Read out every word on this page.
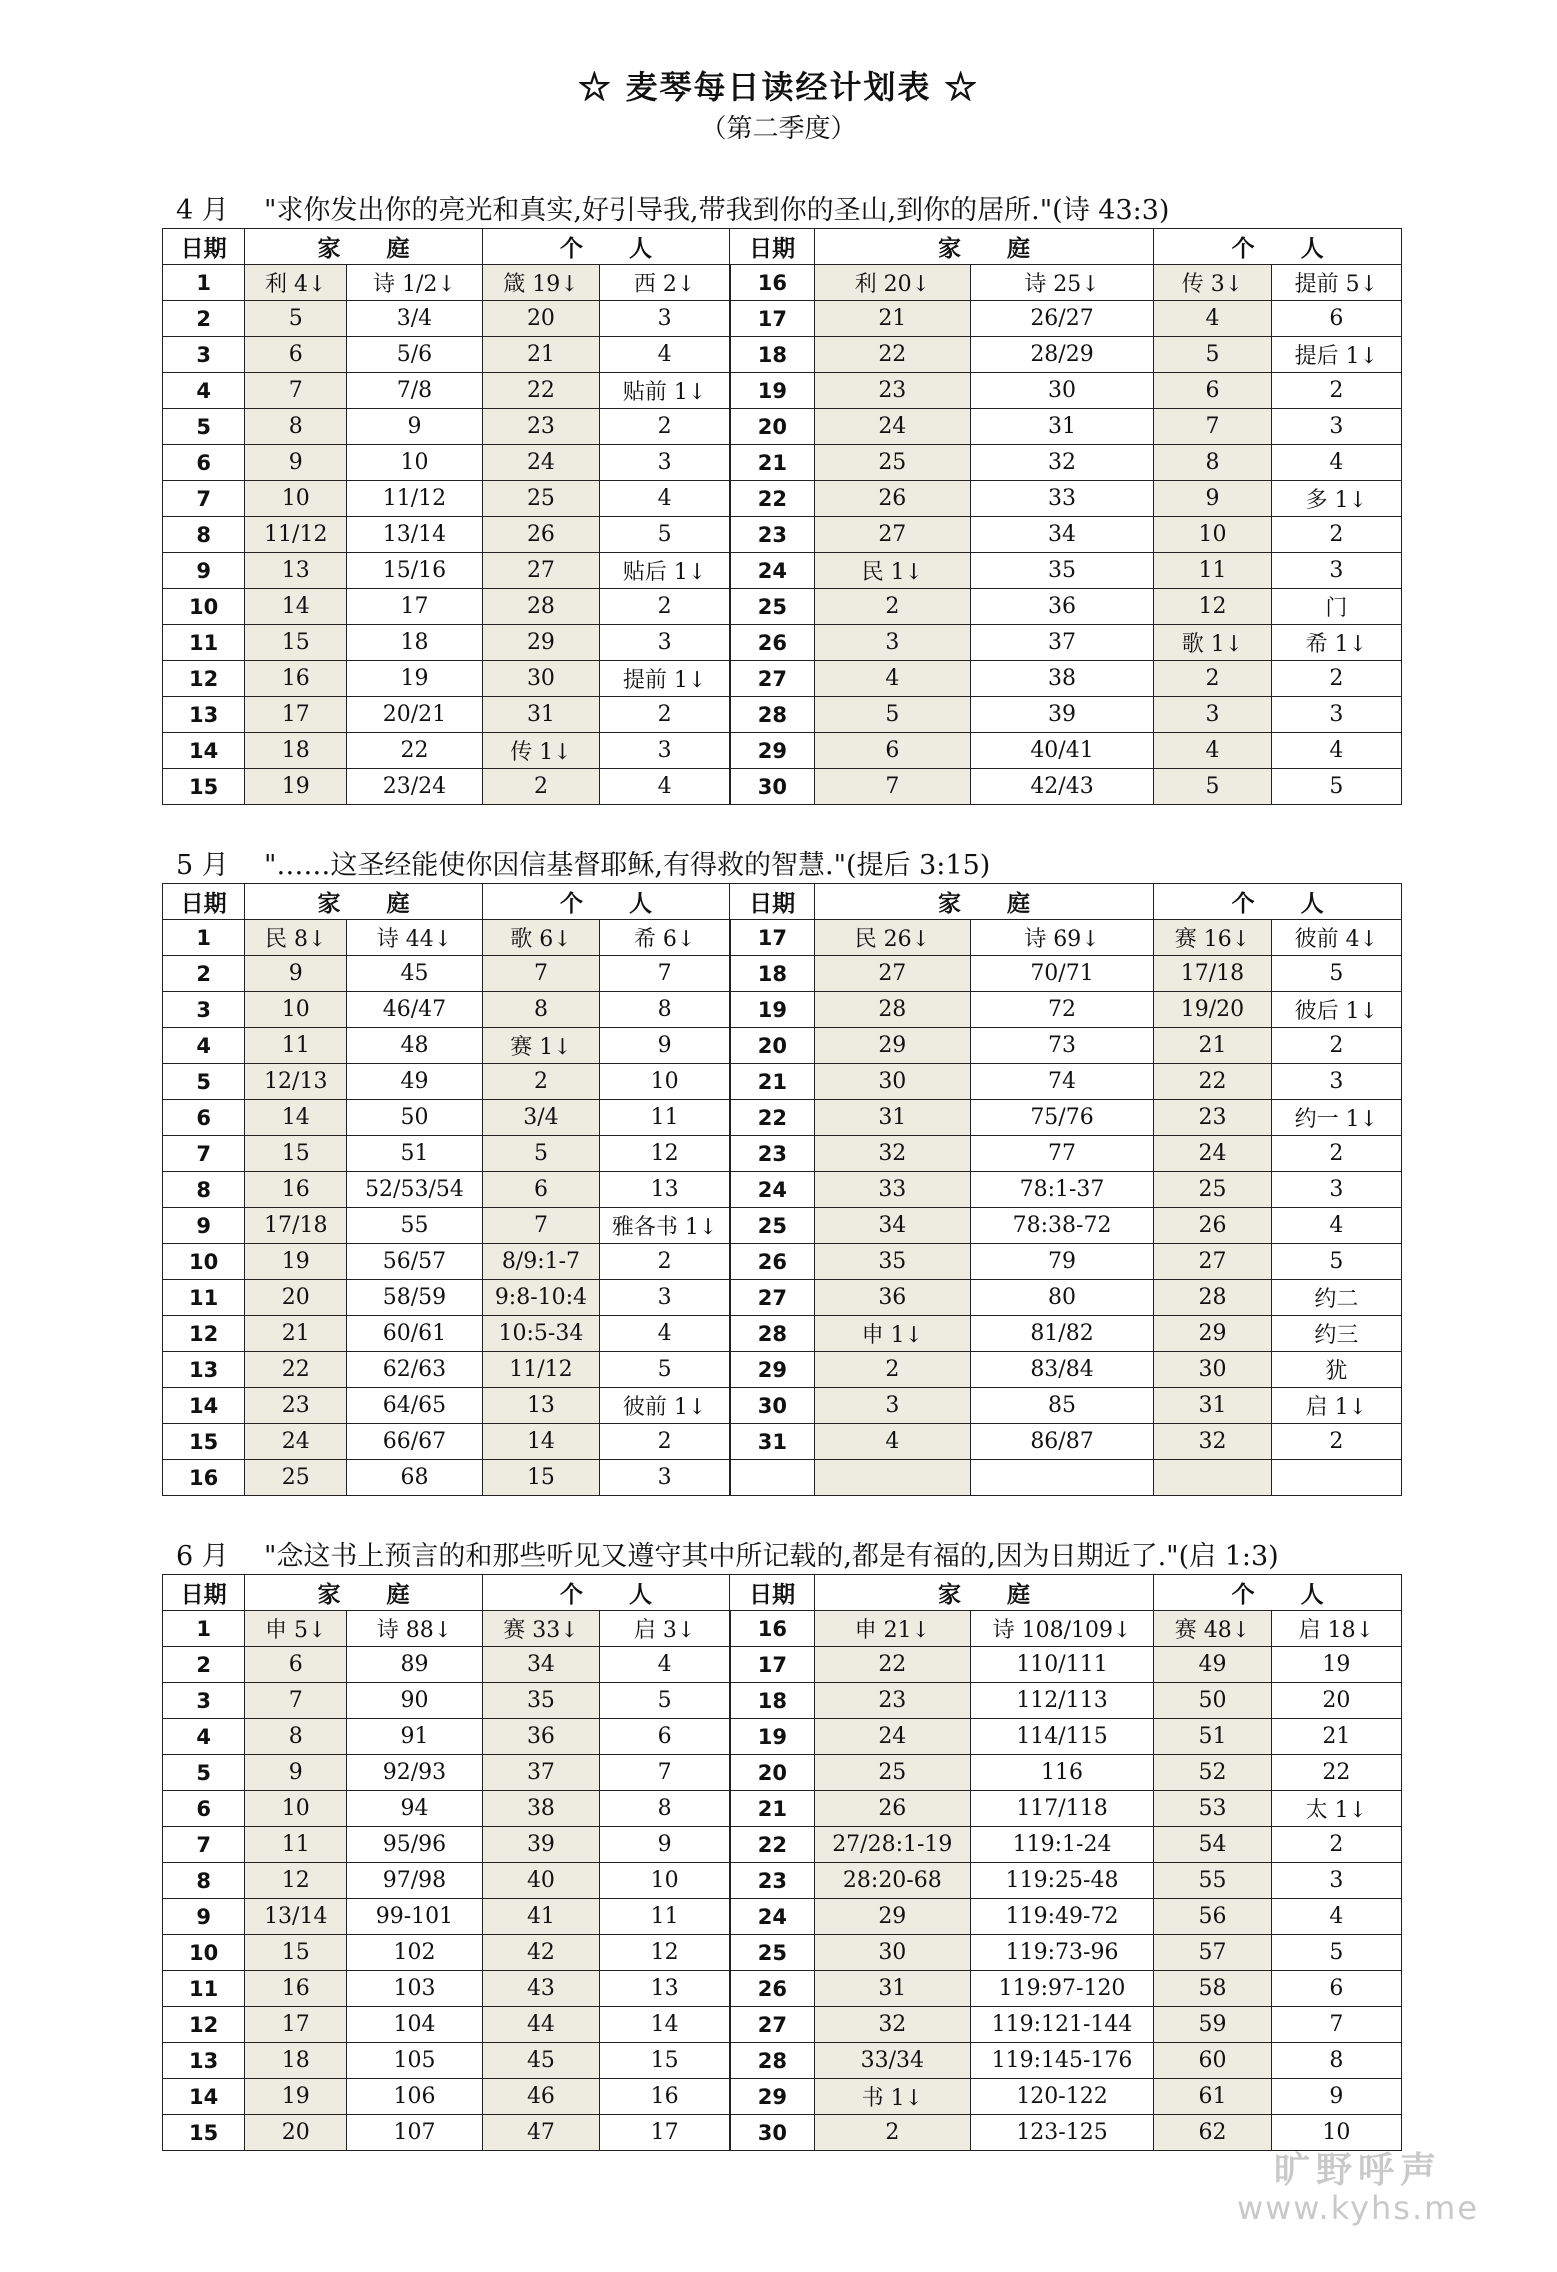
☆ 麦琴每日读经计划表 ☆
（第二季度）
4 月 "求你发出你的亮光和真实,好引导我,带我到你的圣山,到你的居所."(诗 43:3)
日期	家　　庭		个　　人		日期	家　　庭		个　　人	
1	利 4↓	诗 1/2↓	箴 19↓	西 2↓	16	利 20↓	诗 25↓	传 3↓	提前 5↓
2	5	3/4	20	3	17	21	26/27	4	6
3	6	5/6	21	4	18	22	28/29	5	提后 1↓
4	7	7/8	22	贴前 1↓	19	23	30	6	2
5	8	9	23	2	20	24	31	7	3
6	9	10	24	3	21	25	32	8	4
7	10	11/12	25	4	22	26	33	9	多 1↓
8	11/12	13/14	26	5	23	27	34	10	2
9	13	15/16	27	贴后 1↓	24	民 1↓	35	11	3
10	14	17	28	2	25	2	36	12	门
11	15	18	29	3	26	3	37	歌 1↓	希 1↓
12	16	19	30	提前 1↓	27	4	38	2	2
13	17	20/21	31	2	28	5	39	3	3
14	18	22	传 1↓	3	29	6	40/41	4	4
15	19	23/24	2	4	30	7	42/43	5	5
5 月 "……这圣经能使你因信基督耶稣,有得救的智慧."(提后 3:15)
日期	家　　庭		个　　人		日期	家　　庭		个　　人	
1	民 8↓	诗 44↓	歌 6↓	希 6↓	17	民 26↓	诗 69↓	赛 16↓	彼前 4↓
2	9	45	7	7	18	27	70/71	17/18	5
3	10	46/47	8	8	19	28	72	19/20	彼后 1↓
4	11	48	赛 1↓	9	20	29	73	21	2
5	12/13	49	2	10	21	30	74	22	3
6	14	50	3/4	11	22	31	75/76	23	约一 1↓
7	15	51	5	12	23	32	77	24	2
8	16	52/53/54	6	13	24	33	78:1-37	25	3
9	17/18	55	7	雅各书 1↓	25	34	78:38-72	26	4
10	19	56/57	8/9:1-7	2	26	35	79	27	5
11	20	58/59	9:8-10:4	3	27	36	80	28	约二
12	21	60/61	10:5-34	4	28	申 1↓	81/82	29	约三
13	22	62/63	11/12	5	29	2	83/84	30	犹
14	23	64/65	13	彼前 1↓	30	3	85	31	启 1↓
15	24	66/67	14	2	31	4	86/87	32	2
16	25	68	15	3					
6 月 "念这书上预言的和那些听见又遵守其中所记载的,都是有福的,因为日期近了."(启 1:3)
日期	家　　庭		个　　人		日期	家　　庭		个　　人	
1	申 5↓	诗 88↓	赛 33↓	启 3↓	16	申 21↓	诗 108/109↓	赛 48↓	启 18↓
2	6	89	34	4	17	22	110/111	49	19
3	7	90	35	5	18	23	112/113	50	20
4	8	91	36	6	19	24	114/115	51	21
5	9	92/93	37	7	20	25	116	52	22
6	10	94	38	8	21	26	117/118	53	太 1↓
7	11	95/96	39	9	22	27/28:1-19	119:1-24	54	2
8	12	97/98	40	10	23	28:20-68	119:25-48	55	3
9	13/14	99-101	41	11	24	29	119:49-72	56	4
10	15	102	42	12	25	30	119:73-96	57	5
11	16	103	43	13	26	31	119:97-120	58	6
12	17	104	44	14	27	32	119:121-144	59	7
13	18	105	45	15	28	33/34	119:145-176	60	8
14	19	106	46	16	29	书 1↓	120-122	61	9
15	20	107	47	17	30	2	123-125	62	10
旷野呼声
www.kyhs.me
